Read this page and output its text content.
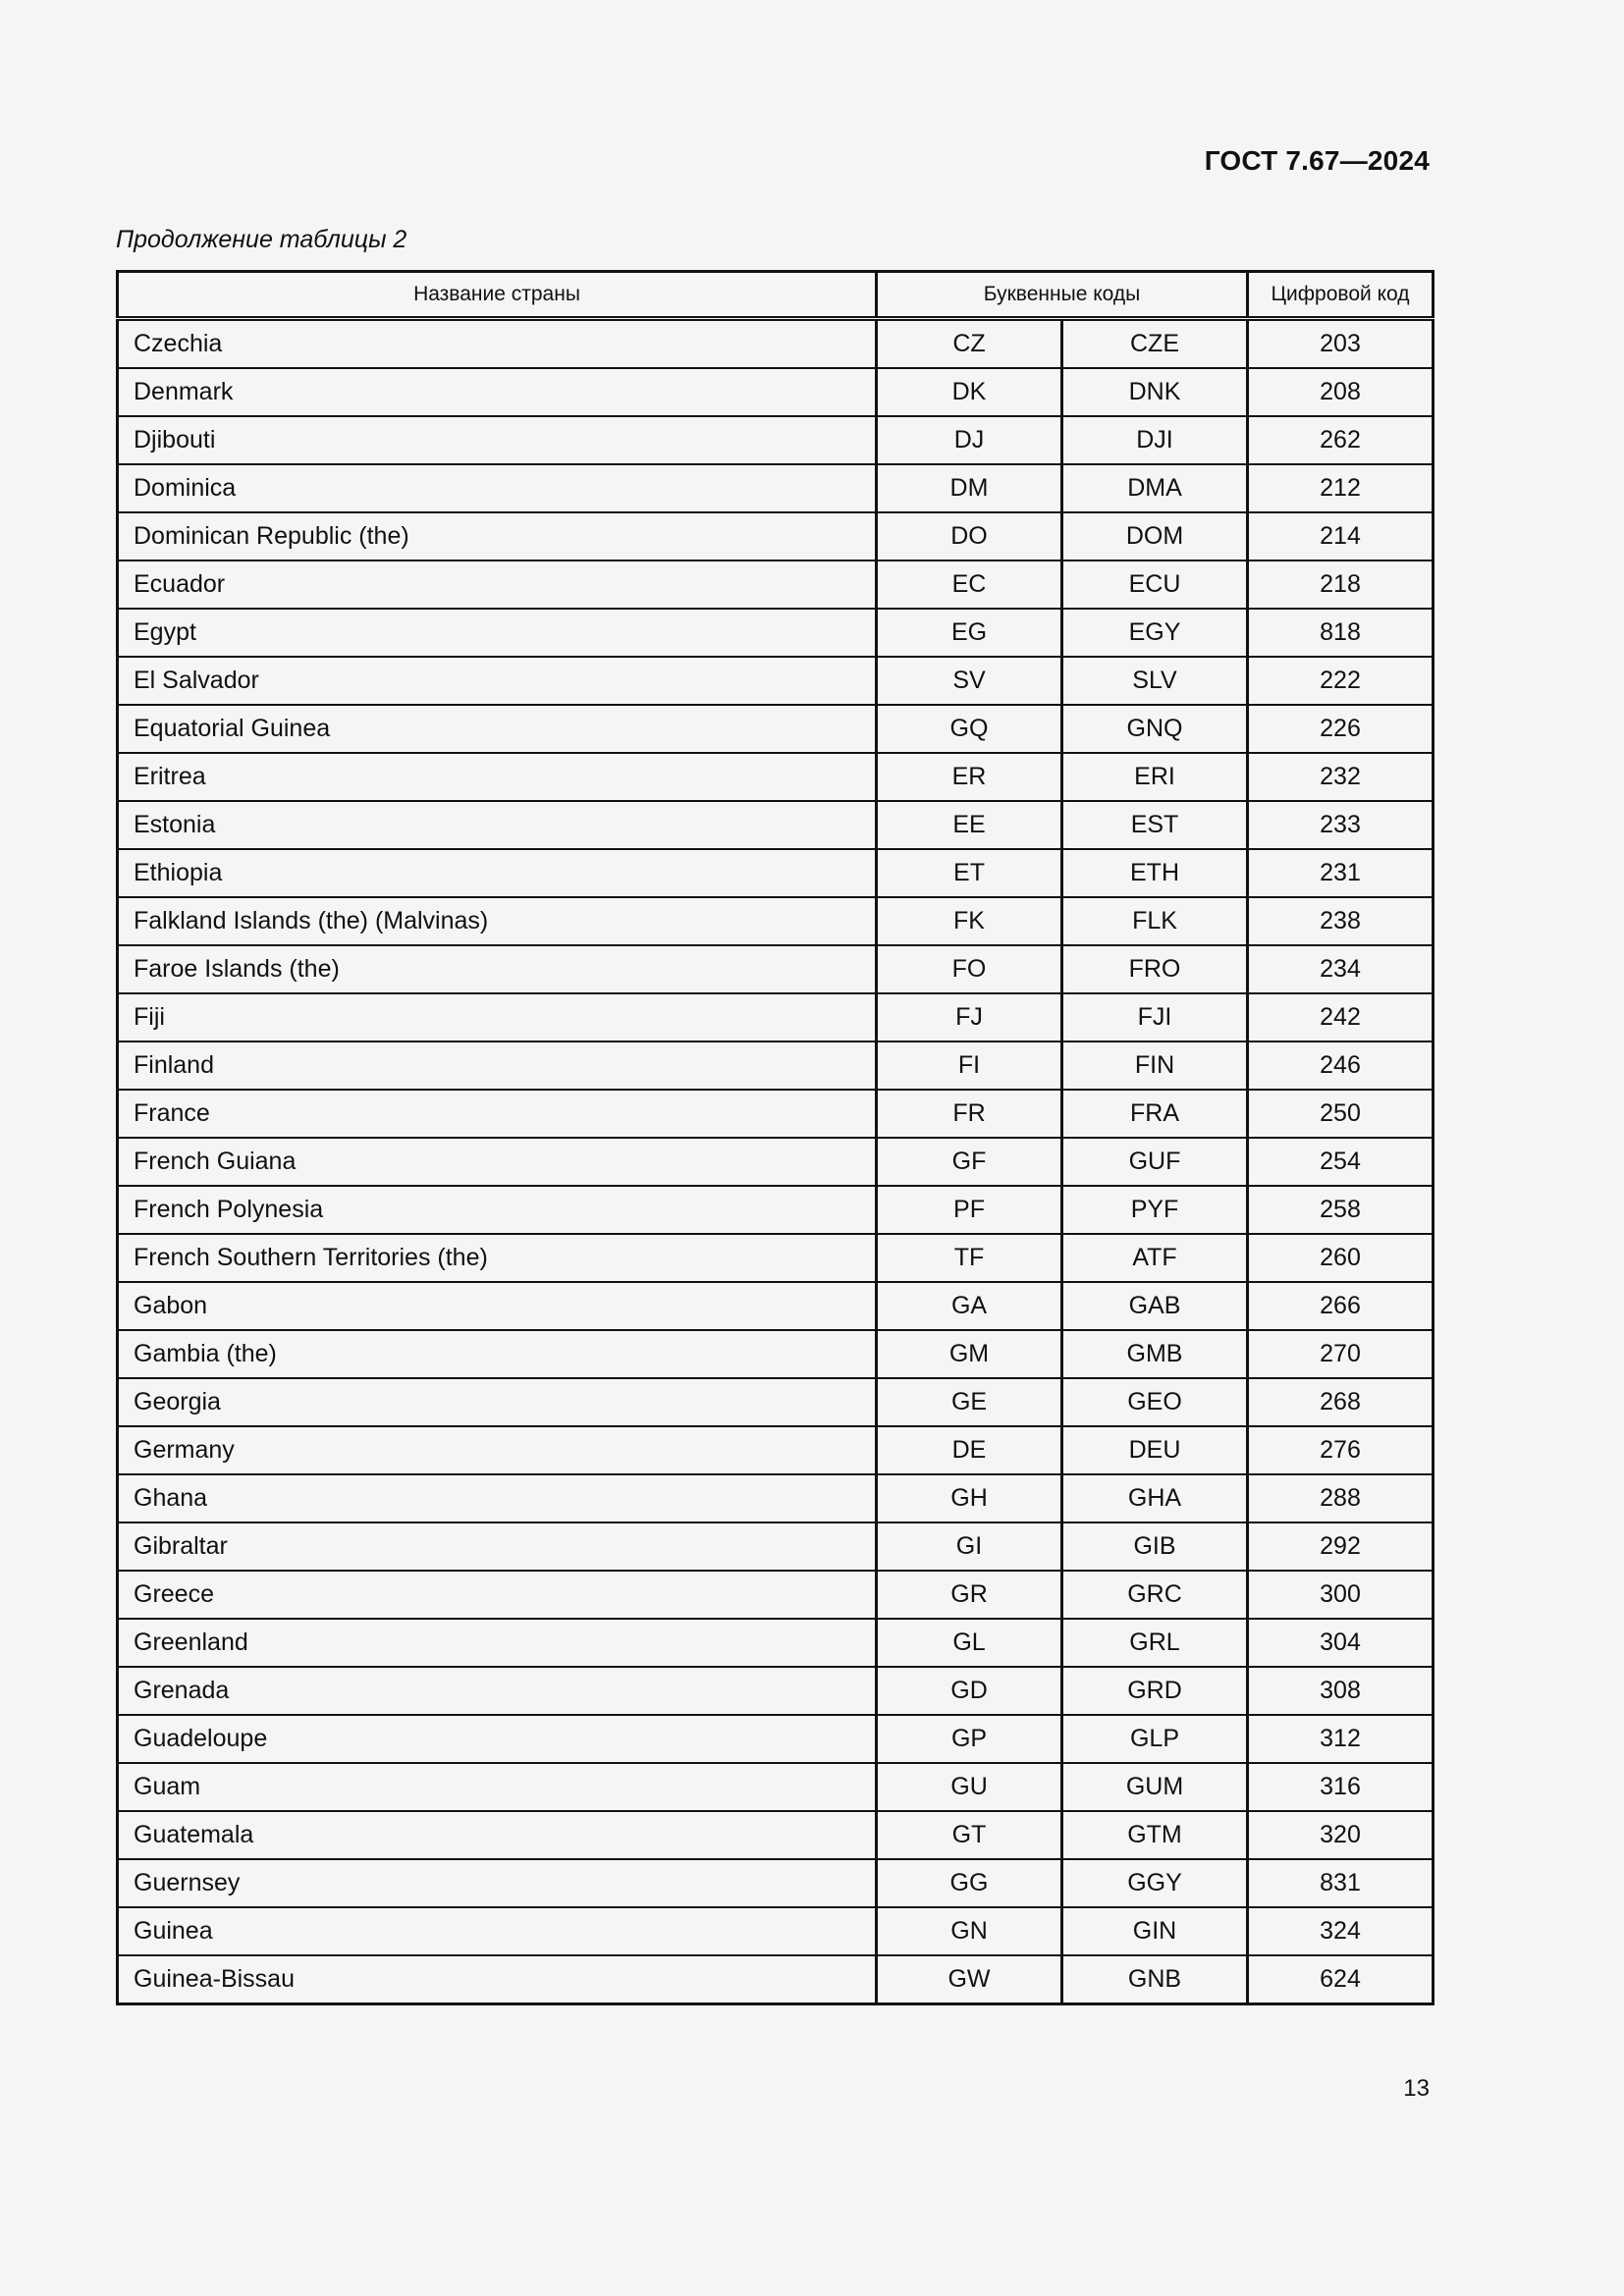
ГОСТ 7.67—2024
Продолжение таблицы 2
Название страны	Буквенные коды		Цифровой код
Czechia	CZ	CZE	203
Denmark	DK	DNK	208
Djibouti	DJ	DJI	262
Dominica	DM	DMA	212
Dominican Republic (the)	DO	DOM	214
Ecuador	EC	ECU	218
Egypt	EG	EGY	818
El Salvador	SV	SLV	222
Equatorial Guinea	GQ	GNQ	226
Eritrea	ER	ERI	232
Estonia	EE	EST	233
Ethiopia	ET	ETH	231
Falkland Islands (the) (Malvinas)	FK	FLK	238
Faroe Islands (the)	FO	FRO	234
Fiji	FJ	FJI	242
Finland	FI	FIN	246
France	FR	FRA	250
French Guiana	GF	GUF	254
French Polynesia	PF	PYF	258
French Southern Territories (the)	TF	ATF	260
Gabon	GA	GAB	266
Gambia (the)	GM	GMB	270
Georgia	GE	GEO	268
Germany	DE	DEU	276
Ghana	GH	GHA	288
Gibraltar	GI	GIB	292
Greece	GR	GRC	300
Greenland	GL	GRL	304
Grenada	GD	GRD	308
Guadeloupe	GP	GLP	312
Guam	GU	GUM	316
Guatemala	GT	GTM	320
Guernsey	GG	GGY	831
Guinea	GN	GIN	324
Guinea-Bissau	GW	GNB	624
13
